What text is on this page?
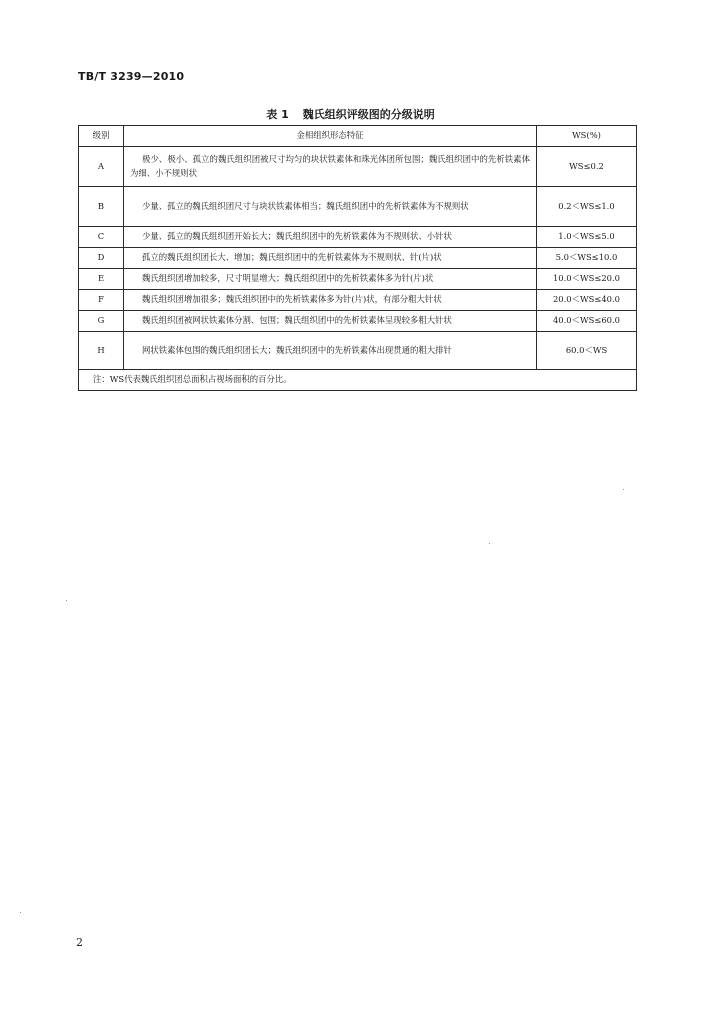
TB/T 3239—2010
表 1 魏氏组织评级图的分级说明
级别	金相组织形态特征	WS(%)
A	极少、极小、孤立的魏氏组织团被尺寸均匀的块状铁素体和珠光体团所包围；魏氏组织团中的先析铁素体为细、小不规则状	WS≤0.2
B	少量、孤立的魏氏组织团尺寸与块状铁素体相当；魏氏组织团中的先析铁素体为不规则状	0.2＜WS≤1.0
C	少量、孤立的魏氏组织团开始长大；魏氏组织团中的先析铁素体为不规则状、小针状	1.0＜WS≤5.0
D	孤立的魏氏组织团长大、增加；魏氏组织团中的先析铁素体为不规则状、针(片)状	5.0＜WS≤10.0
E	魏氏组织团增加较多，尺寸明显增大；魏氏组织团中的先析铁素体多为针(片)状	10.0＜WS≤20.0
F	魏氏组织团增加很多；魏氏组织团中的先析铁素体多为针(片)状，有部分粗大针状	20.0＜WS≤40.0
G	魏氏组织团被网状铁素体分割、包围；魏氏组织团中的先析铁素体呈现较多粗大针状	40.0＜WS≤60.0
H	网状铁素体包围的魏氏组织团长大；魏氏组织团中的先析铁素体出现贯通的粗大排针	60.0＜WS
注：WS代表魏氏组织团总面积占视场面积的百分比。		
2
